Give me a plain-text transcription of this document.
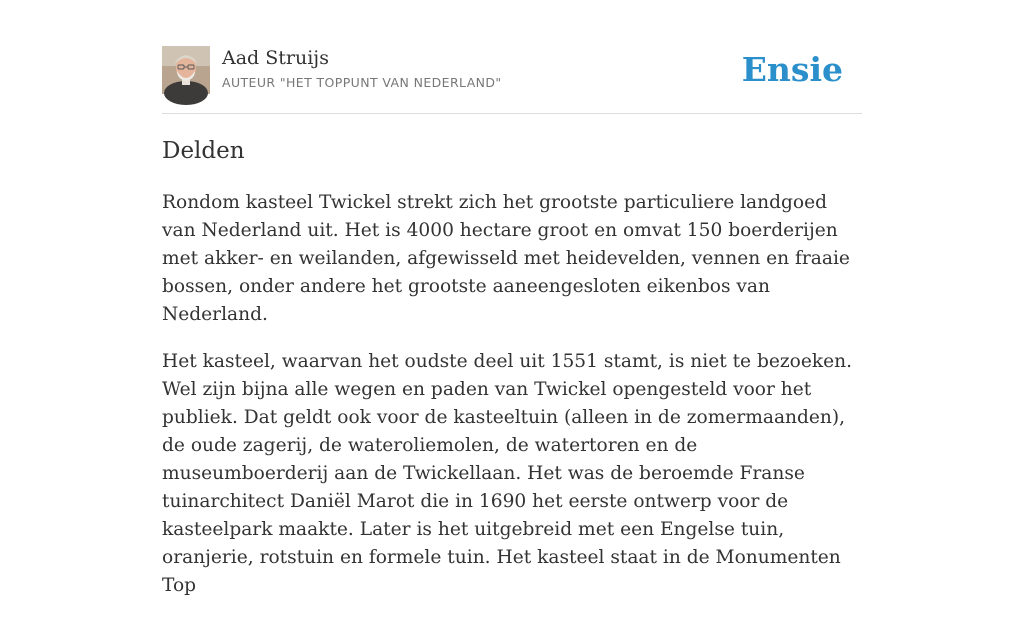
Aad Struijs
AUTEUR "HET TOPPUNT VAN NEDERLAND"	Ensie
Delden

Rondom kasteel Twickel strekt zich het grootste particuliere landgoed van Nederland uit. Het is 4000 hectare groot en omvat 150 boerderijen met akker- en weilanden, afgewisseld met heidevelden, vennen en fraaie bossen, onder andere het grootste aaneengesloten eikenbos van Nederland.

Het kasteel, waarvan het oudste deel uit 1551 stamt, is niet te bezoeken. Wel zijn bijna alle wegen en paden van Twickel opengesteld voor het publiek. Dat geldt ook voor de kasteeltuin (alleen in de zomermaanden), de oude zagerij, de wateroliemolen, de watertoren en de museumboerderij aan de Twickellaan. Het was de beroemde Franse tuinarchitect Daniël Marot die in 1690 het eerste ontwerp voor de kasteelpark maakte. Later is het uitgebreid met een Engelse tuin, oranjerie, rotstuin en formele tuin. Het kasteel staat in de Monumenten Top
